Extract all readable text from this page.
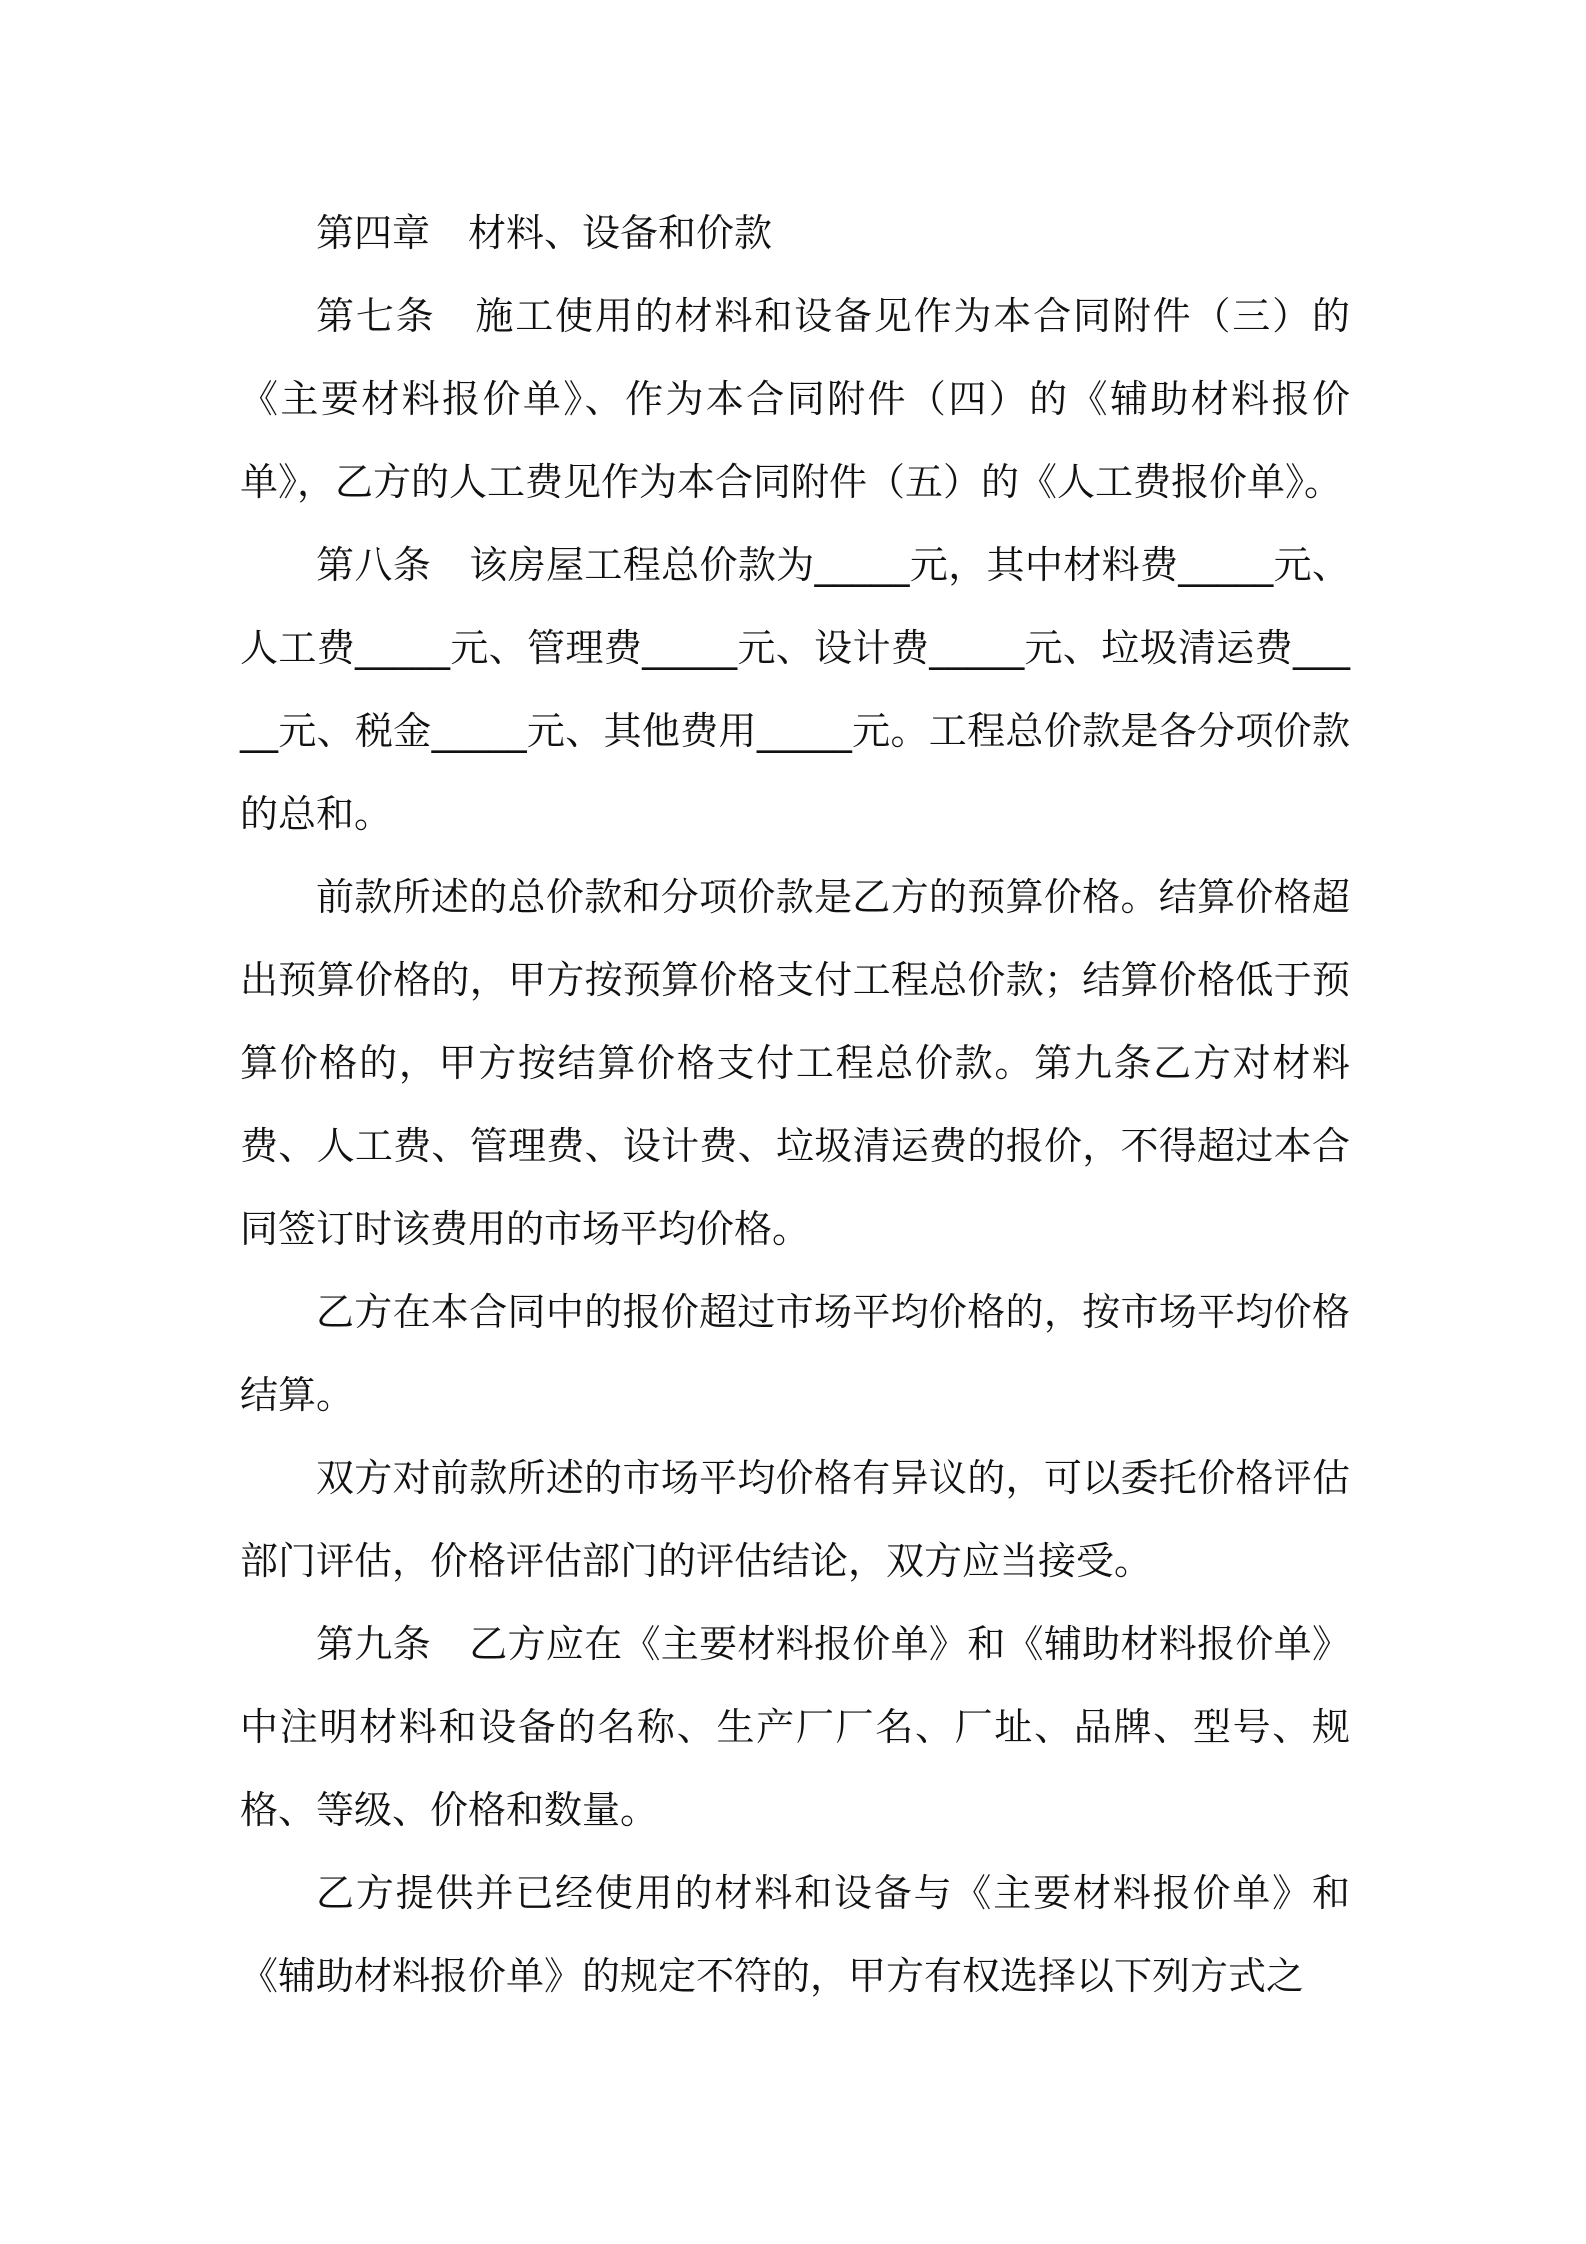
第四章　材料、设备和价款

第七条　施工使用的材料和设备见作为本合同附件（三）的《主要材料报价单》、作为本合同附件（四）的《辅助材料报价单》，乙方的人工费见作为本合同附件（五）的《人工费报价单》。

第八条　该房屋工程总价款为_____元，其中材料费_____元、人工费_____元、管理费_____元、设计费_____元、垃圾清运费_____元、税金_____元、其他费用_____元。工程总价款是各分项价款的总和。

前款所述的总价款和分项价款是乙方的预算价格。结算价格超出预算价格的，甲方按预算价格支付工程总价款；结算价格低于预算价格的，甲方按结算价格支付工程总价款。第九条乙方对材料费、人工费、管理费、设计费、垃圾清运费的报价，不得超过本合同签订时该费用的市场平均价格。

乙方在本合同中的报价超过市场平均价格的，按市场平均价格结算。

双方对前款所述的市场平均价格有异议的，可以委托价格评估部门评估，价格评估部门的评估结论，双方应当接受。

第九条　乙方应在《主要材料报价单》和《辅助材料报价单》中注明材料和设备的名称、生产厂厂名、厂址、品牌、型号、规格、等级、价格和数量。

乙方提供并已经使用的材料和设备与《主要材料报价单》和《辅助材料报价单》的规定不符的，甲方有权选择以下列方式之
